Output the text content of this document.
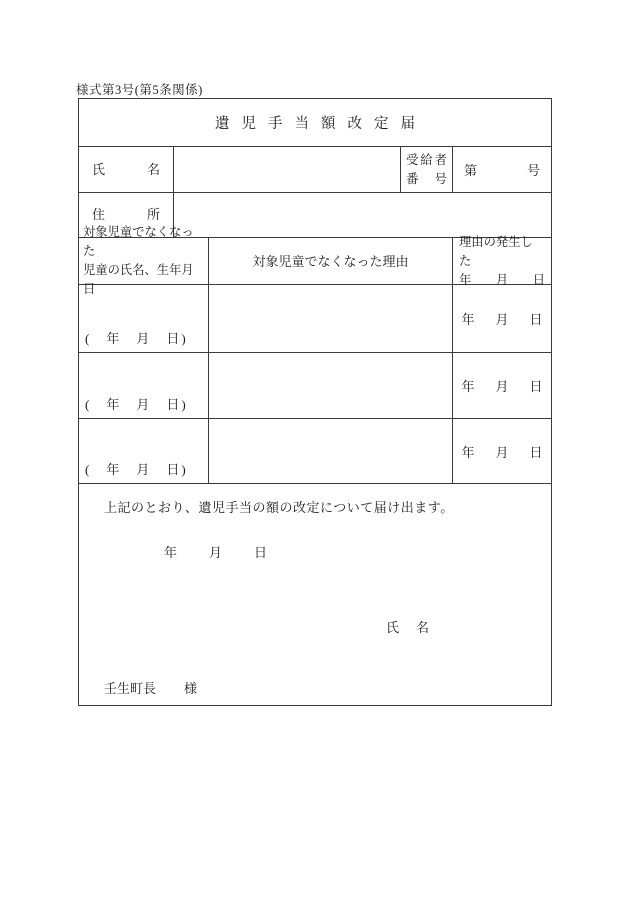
様式第3号(第5条関係)
遺児手当額改定届
氏名
受給者
番号
第	号
住所
対象児童でなくなった
児童の氏名、生年月日
対象児童でなくなった理由
理由の発生した
年　月　日
(　年　月　日)
年　月　日
(　年　月　日)
年　月　日
(　年　月　日)
年　月　日
上記のとおり、遺児手当の額の改定について届け出ます。
年　　月　　日
氏　名
壬生町長 様
